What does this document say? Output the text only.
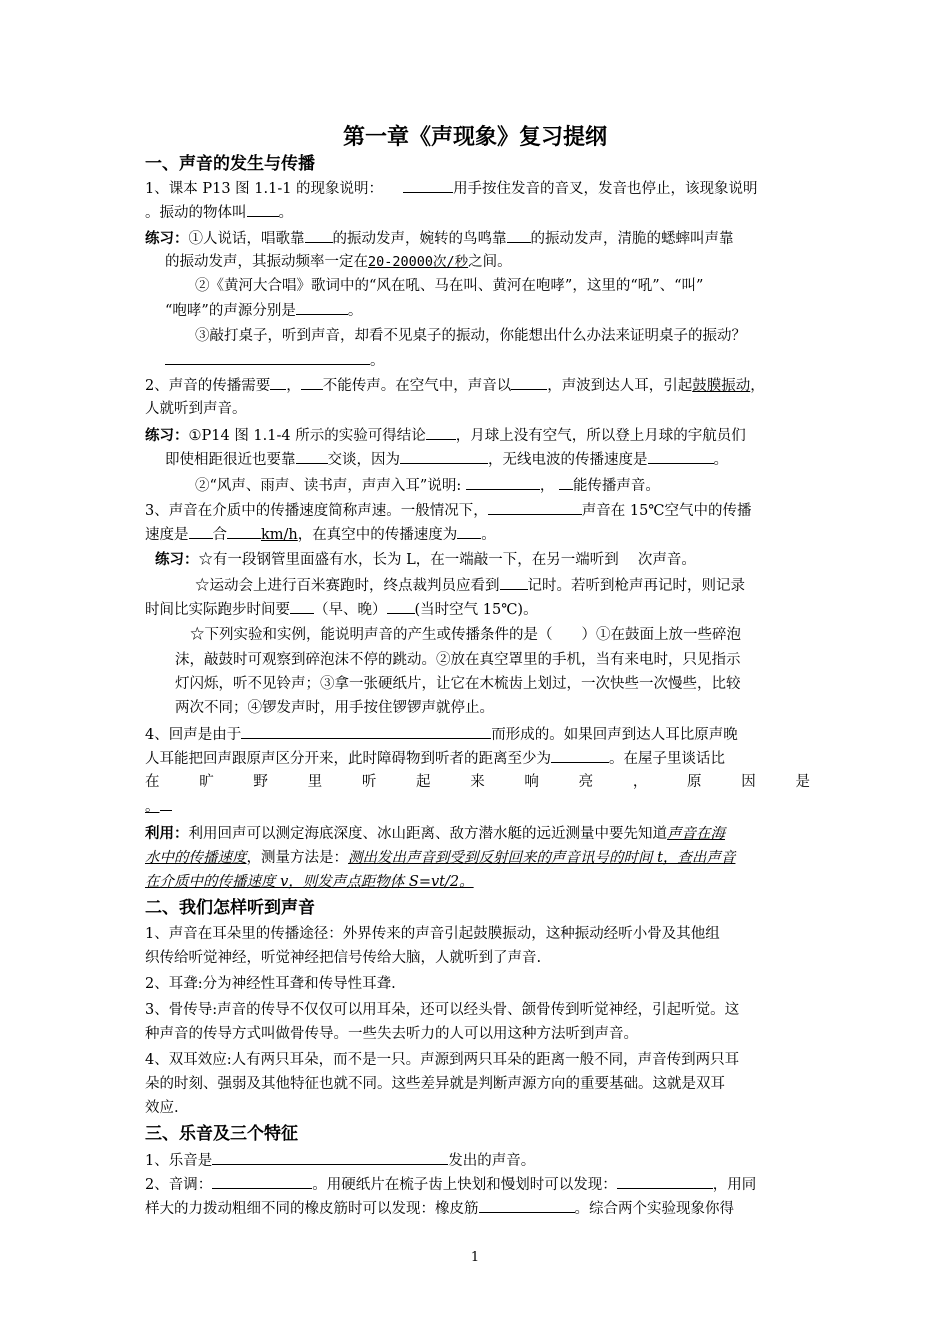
第一章《声现象》复习提纲
一、声音的发生与传播
1、课本 P13 图 1.1-1 的现象说明：	用手按住发音的音叉，发音也停止，该现象说明
。振动的物体叫 。
练习：①人说话，唱歌靠 的振动发声，婉转的鸟鸣靠 的振动发声，清脆的蟋蟀叫声靠
的振动发声，其振动频率一定在20-20000次/秒之间。
②《黄河大合唱》歌词中的“风在吼、马在叫、黄河在咆哮”，这里的“吼”、“叫”
“咆哮”的声源分别是	。
③敲打桌子，听到声音，却看不见桌子的振动，你能想出什么办法来证明桌子的振动？
。
2、声音的传播需要 ， 不能传声。在空气中，声音以 ，声波到达人耳，引起鼓膜振动，
人就听到声音。
练习：①P14 图 1.1-4 所示的实验可得结论 ，月球上没有空气，所以登上月球的宇航员们
即使相距很近也要靠 交谈，因为	，无线电波的传播速度是	。
②“风声、雨声、读书声，声声入耳”说明:	， 能传播声音。
3、声音在介质中的传播速度简称声速。一般情况下，	声音在 15℃空气中的传播
速度是 合 km/h，在真空中的传播速度为 。
练习：☆有一段钢管里面盛有水，长为 L，在一端敲一下，在另一端听到 　次声音。
☆运动会上进行百米赛跑时，终点裁判员应看到 记时。若听到枪声再记时，则记录
时间比实际跑步时间要 （早、晚） (当时空气 15℃)。
☆下列实验和实例，能说明声音的产生或传播条件的是（　　）①在鼓面上放一些碎泡
沫，敲鼓时可观察到碎泡沫不停的跳动。②放在真空罩里的手机，当有来电时，只见指示
灯闪烁，听不见铃声；③拿一张硬纸片，让它在木梳齿上划过，一次快些一次慢些，比较
两次不同；④锣发声时，用手按住锣锣声就停止。
4、回声是由于	而形成的。如果回声到达人耳比原声晚
人耳能把回声跟原声区分开来，此时障碍物到听者的距离至少为	。在屋子里谈话比
在	旷	野	里	听	起	来	响	亮	，	原	因	是
。
利用：利用回声可以测定海底深度、冰山距离、敌方潜水艇的远近测量中要先知道声音在海
水中的传播速度，测量方法是：测出发出声音到受到反射回来的声音讯号的时间 t，查出声音
在介质中的传播速度 v，则发声点距物体 S=vt/2。
二、我们怎样听到声音
1、声音在耳朵里的传播途径：外界传来的声音引起鼓膜振动，这种振动经听小骨及其他组
织传给听觉神经，听觉神经把信号传给大脑，人就听到了声音.
2、耳聋:分为神经性耳聋和传导性耳聋.
3、骨传导:声音的传导不仅仅可以用耳朵，还可以经头骨、颌骨传到听觉神经，引起听觉。这
种声音的传导方式叫做骨传导。一些失去听力的人可以用这种方法听到声音。
4、双耳效应:人有两只耳朵，而不是一只。声源到两只耳朵的距离一般不同，声音传到两只耳
朵的时刻、强弱及其他特征也就不同。这些差异就是判断声源方向的重要基础。这就是双耳
效应.
三、乐音及三个特征
1、乐音是	发出的声音。
2、音调：	。用硬纸片在梳子齿上快划和慢划时可以发现：	，用同
样大的力拨动粗细不同的橡皮筋时可以发现：橡皮筋	。综合两个实验现象你得
1
